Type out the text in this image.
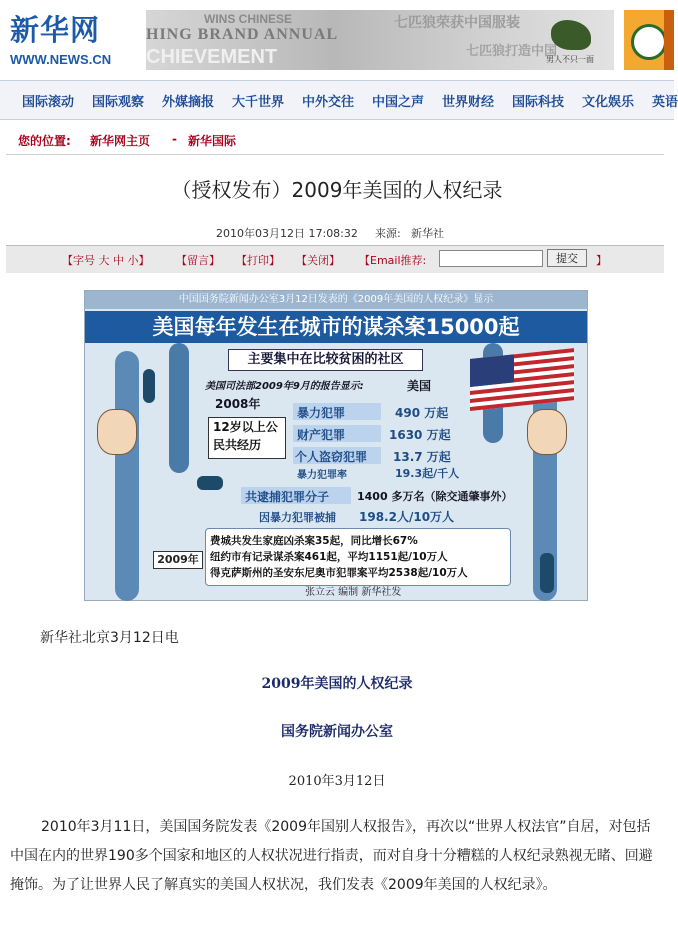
新华网
WWW.NEWS.CN
WINS CHINESE
HING BRAND ANNUAL
CHIEVEMENT
七匹狼荣获中国服装
七匹狼打造中国
男人不只一面
国际滚动 国际观察 外媒摘报 大千世界 中外交往 中国之声 世界财经 国际科技 文化娱乐 英语
您的位置: 新华网主页 - 新华国际
（授权发布）2009年美国的人权纪录
2010年03月12日 17:08:32 来源: 新华社
【字号 大 中 小】 【留言】 【打印】 【关闭】 【Email推荐:	提交	】
中国国务院新闻办公室3月12日发表的《2009年美国的人权纪录》显示
美国每年发生在城市的谋杀案15000起
主要集中在比较贫困的社区
美国司法部2009年9月的报告显示:	美国
2008年
12岁以上公
民共经历
暴力犯罪	490 万起
财产犯罪	1630 万起
个人盗窃犯罪 13.7 万起
暴力犯罪率	19.3起/千人
共逮捕犯罪分子	1400 多万名（除交通肇事外）
因暴力犯罪被捕 198.2人/10万人
2009年
费城共发生家庭凶杀案35起，同比增长67%
纽约市有记录谋杀案461起，平均1151起/10万人
得克萨斯州的圣安东尼奥市犯罪案平均2538起/10万人
张立云 编制 新华社发
新华社北京3月12日电
2009年美国的人权纪录
国务院新闻办公室
2010年3月12日
2010年3月11日，美国国务院发表《2009年国别人权报告》，再次以“世界人权法官”自居，对包括中国在内的世界190多个国家和地区的人权状况进行指责，而对自身十分糟糕的人权纪录熟视无睹、回避掩饰。为了让世界人民了解真实的美国人权状况，我们发表《2009年美国的人权纪录》。
